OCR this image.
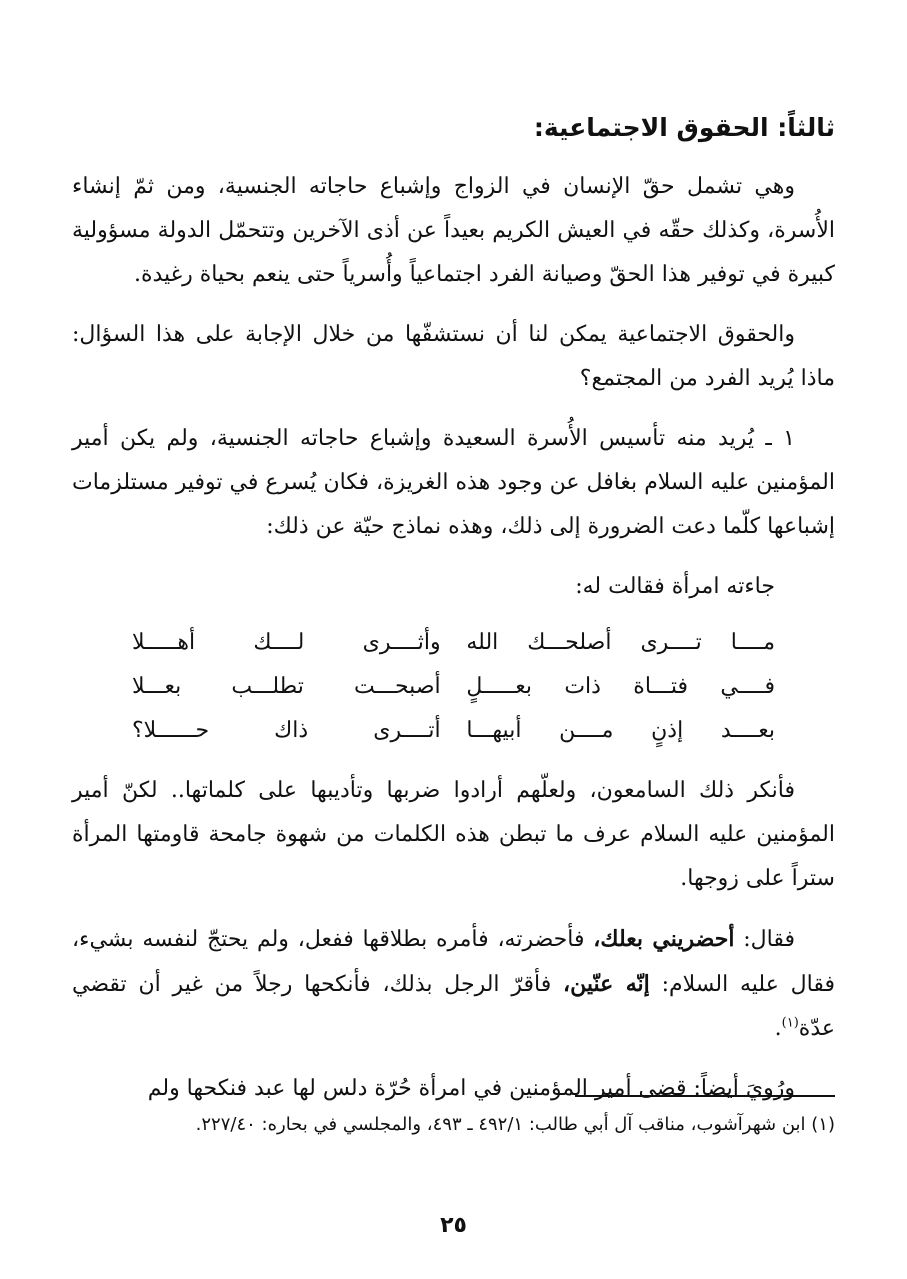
ثالثاً: الحقوق الاجتماعية:

وهي تشمل حقّ الإنسان في الزواج وإشباع حاجاته الجنسية، ومن ثمّ إنشاء الأُسرة، وكذلك حقّه في العيش الكريم بعيداً عن أذى الآخرين وتتحمّل الدولة مسؤولية كبيرة في توفير هذا الحقّ وصيانة الفرد اجتماعياً وأُسرياً حتى ينعم بحياة رغيدة.

والحقوق الاجتماعية يمكن لنا أن نستشفّها من خلال الإجابة على هذا السؤال: ماذا يُريد الفرد من المجتمع؟

١ ـ يُريد منه تأسيس الأُسرة السعيدة وإشباع حاجاته الجنسية، ولم يكن أمير المؤمنين عليه السلام بغافل عن وجود هذه الغريزة، فكان يُسرع في توفير مستلزمات إشباعها كلّما دعت الضرورة إلى ذلك، وهذه نماذج حيّة عن ذلك:

جاءته امرأة فقالت له:

مــــا تــــرى أصلحـــك الله
وأثــــرى لــــك أهـــــلا
فــــي فتـــاة ذات بعـــــلٍ
أصبحـــت تطلـــب بعـــلا
بعــــد إذنٍ مــــن أبيهـــا
أتــــرى ذاك حــــــلا؟

فأنكر ذلك السامعون، ولعلّهم أرادوا ضربها وتأديبها على كلماتها.. لكنّ أمير المؤمنين عليه السلام عرف ما تبطن هذه الكلمات من شهوة جامحة قاومتها المرأة ستراً على زوجها.

فقال: أحضريني بعلك، فأحضرته، فأمره بطلاقها ففعل، ولم يحتجّ لنفسه بشيء، فقال عليه السلام: إنّه عنّين، فأقرّ الرجل بذلك، فأنكحها رجلاً من غير أن تقضي عدّة$^{(١)}$.

ورُويَ أيضاً: قضى أمير المؤمنين في امرأة حُرّة دلس لها عبد فنكحها ولم

(١) ابن شهرآشوب، مناقب آل أبي طالب: ٤٩٢/١ ـ ٤٩٣، والمجلسي في بحاره: ٢٢٧/٤٠.
٢٥
